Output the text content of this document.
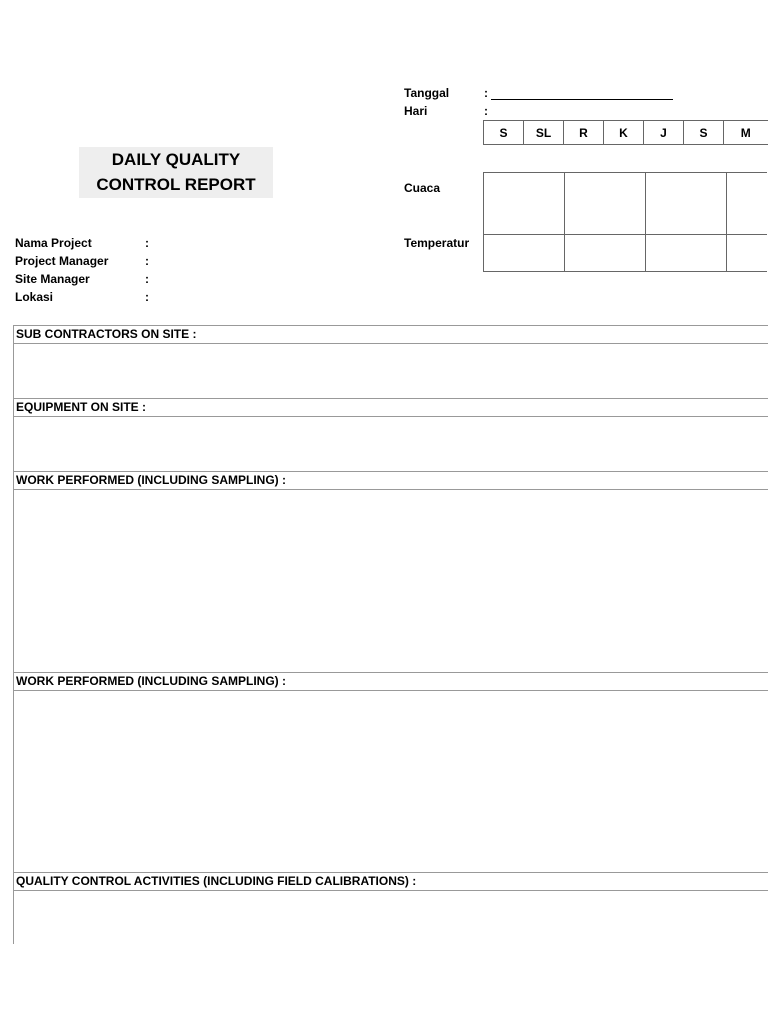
DAILY QUALITY
CONTROL REPORT
Tanggal	:
Hari	:
S	SL	R	K	J	S	M
Cuaca
Temperatur

Nama Project	:
Project Manager	:
Site Manager	:
Lokasi	:
SUB CONTRACTORS ON SITE :
EQUIPMENT ON SITE :
WORK PERFORMED (INCLUDING SAMPLING) :
WORK PERFORMED (INCLUDING SAMPLING) :
QUALITY CONTROL ACTIVITIES (INCLUDING FIELD CALIBRATIONS) :
